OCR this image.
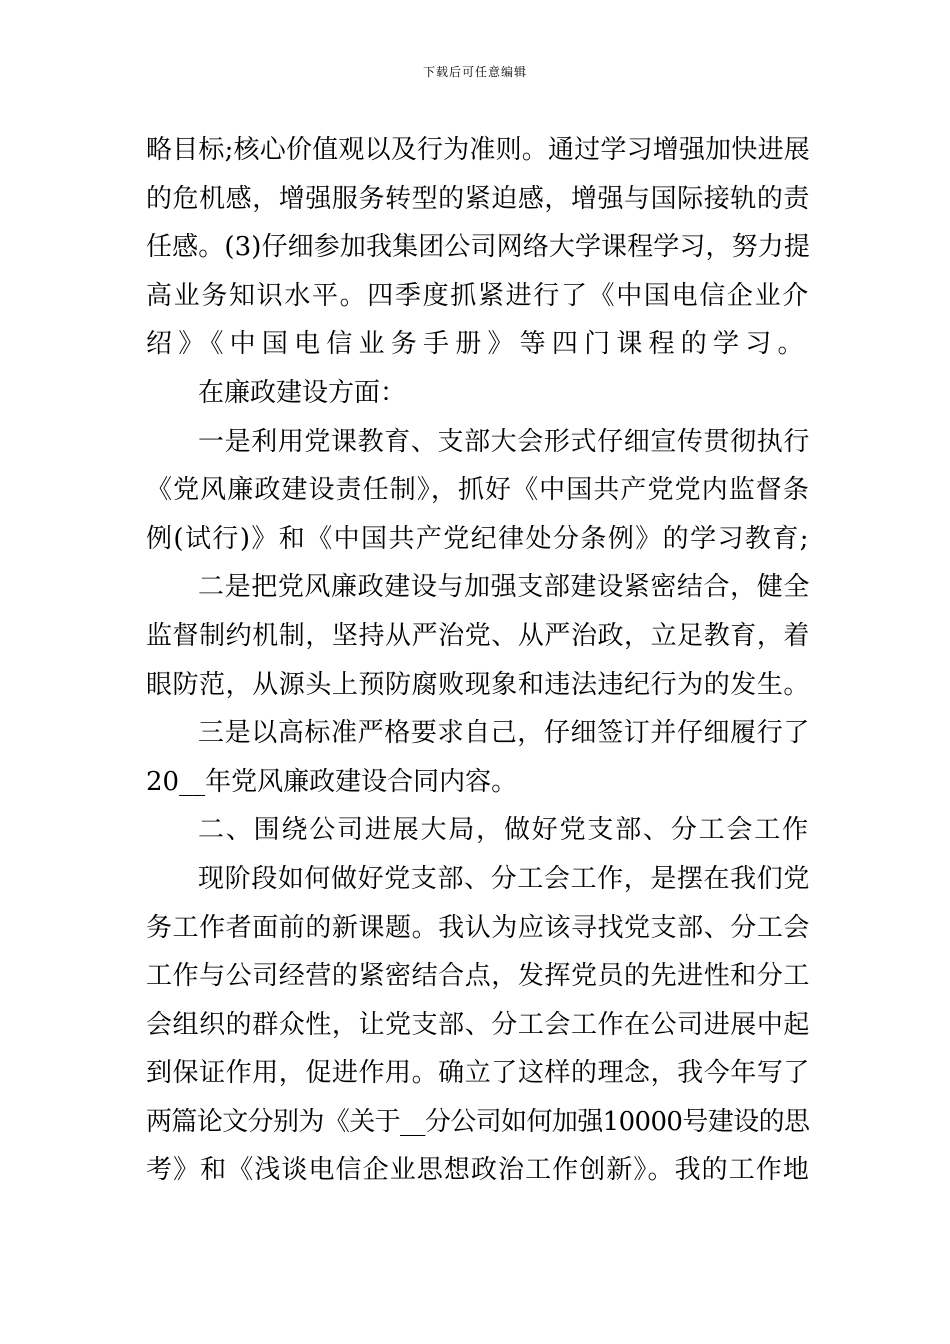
下载后可任意编辑
略目标;核心价值观以及行为准则。通过学习增强加快进展
的危机感，增强服务转型的紧迫感，增强与国际接轨的责
任感。(3)仔细参加我集团公司网络大学课程学习，努力提
高业务知识水平。四季度抓紧进行了《中国电信企业介
绍》《中国电信业务手册》等四门课程的学习。
在廉政建设方面：
一是利用党课教育、支部大会形式仔细宣传贯彻执行
《党风廉政建设责任制》，抓好《中国共产党党内监督条
例(试行)》和《中国共产党纪律处分条例》的学习教育;
二是把党风廉政建设与加强支部建设紧密结合，健全
监督制约机制，坚持从严治党、从严治政，立足教育，着
眼防范，从源头上预防腐败现象和违法违纪行为的发生。
三是以高标准严格要求自己，仔细签订并仔细履行了
20__年党风廉政建设合同内容。
二、围绕公司进展大局，做好党支部、分工会工作
现阶段如何做好党支部、分工会工作，是摆在我们党
务工作者面前的新课题。我认为应该寻找党支部、分工会
工作与公司经营的紧密结合点，发挥党员的先进性和分工
会组织的群众性，让党支部、分工会工作在公司进展中起
到保证作用，促进作用。确立了这样的理念，我今年写了
两篇论文分别为《关于__分公司如何加强10000号建设的思
考》和《浅谈电信企业思想政治工作创新》。我的工作地
